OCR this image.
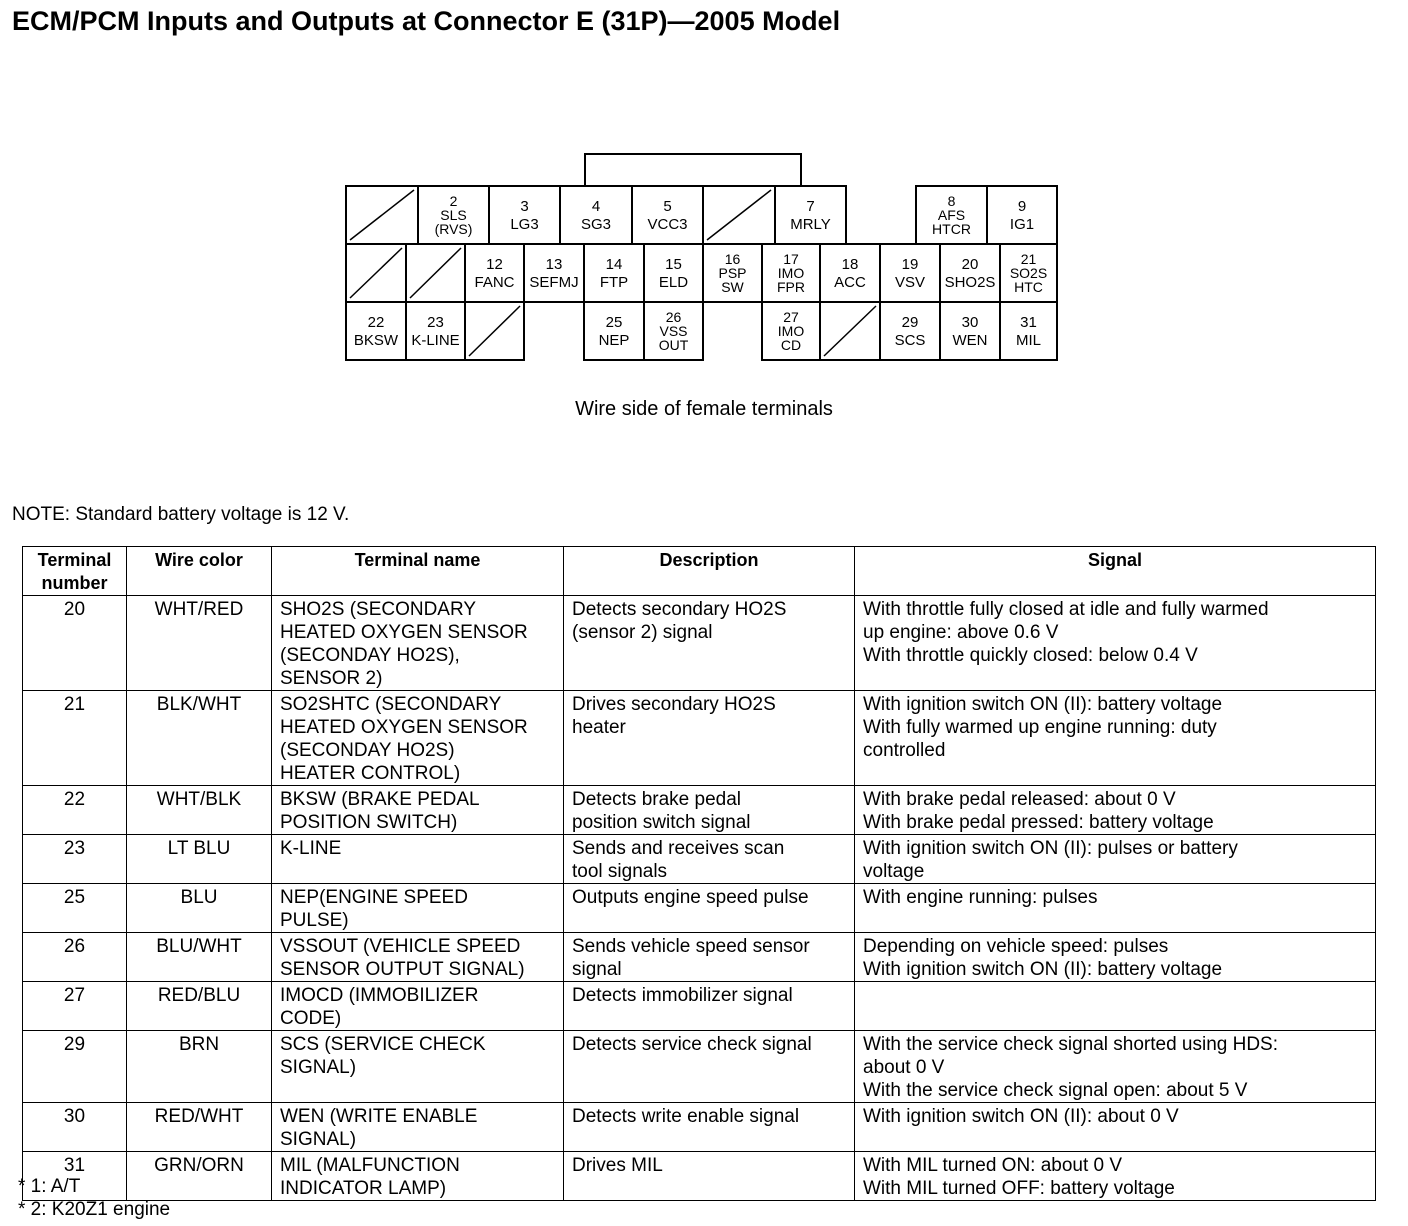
ECM/PCM Inputs and Outputs at Connector E (31P)—2005 Model
2
SLS
(RVS)
3
LG3
4
SG3
5
VCC3
7
MRLY
8
AFS
HTCR
9
IG1
12
FANC
13
SEFMJ
14
FTP
15
ELD
16
PSP
SW
17
IMO
FPR
18
ACC
19
VSV
20
SHO2S
21
SO2S
HTC
22
BKSW
23
K-LINE
25
NEP
26
VSS
OUT
27
IMO
CD
29
SCS
30
WEN
31
MIL
Wire side of female terminals
NOTE: Standard battery voltage is 12 V.
Terminal
number	Wire color	Terminal name	Description	Signal
20	WHT/RED	SHO2S (SECONDARY
HEATED OXYGEN SENSOR
(SECONDAY HO2S),
SENSOR 2)	Detects secondary HO2S
(sensor 2) signal	With throttle fully closed at idle and fully warmed
up engine: above 0.6 V
With throttle quickly closed: below 0.4 V

21	BLK/WHT	SO2SHTC (SECONDARY
HEATED OXYGEN SENSOR
(SECONDAY HO2S)
HEATER CONTROL)	Drives secondary HO2S
heater	With ignition switch ON (II): battery voltage
With fully warmed up engine running: duty
controlled

22	WHT/BLK	BKSW (BRAKE PEDAL
POSITION SWITCH)	Detects brake pedal
position switch signal	With brake pedal released: about 0 V
With brake pedal pressed: battery voltage

23	LT BLU	K-LINE	Sends and receives scan
tool signals	With ignition switch ON (II): pulses or battery
voltage

25	BLU	NEP(ENGINE SPEED
PULSE)	Outputs engine speed pulse	With engine running: pulses

26	BLU/WHT	VSSOUT (VEHICLE SPEED
SENSOR OUTPUT SIGNAL)	Sends vehicle speed sensor
signal	Depending on vehicle speed: pulses
With ignition switch ON (II): battery voltage

27	RED/BLU	IMOCD (IMMOBILIZER
CODE)	Detects immobilizer signal	

29	BRN	SCS (SERVICE CHECK
SIGNAL)	Detects service check signal	With the service check signal shorted using HDS:
about 0 V
With the service check signal open: about 5 V

30	RED/WHT	WEN (WRITE ENABLE
SIGNAL)	Detects write enable signal	With ignition switch ON (II): about 0 V

31	GRN/ORN	MIL (MALFUNCTION
INDICATOR LAMP)	Drives MIL	With MIL turned ON: about 0 V
With MIL turned OFF: battery voltage
* 1: A/T
* 2: K20Z1 engine
